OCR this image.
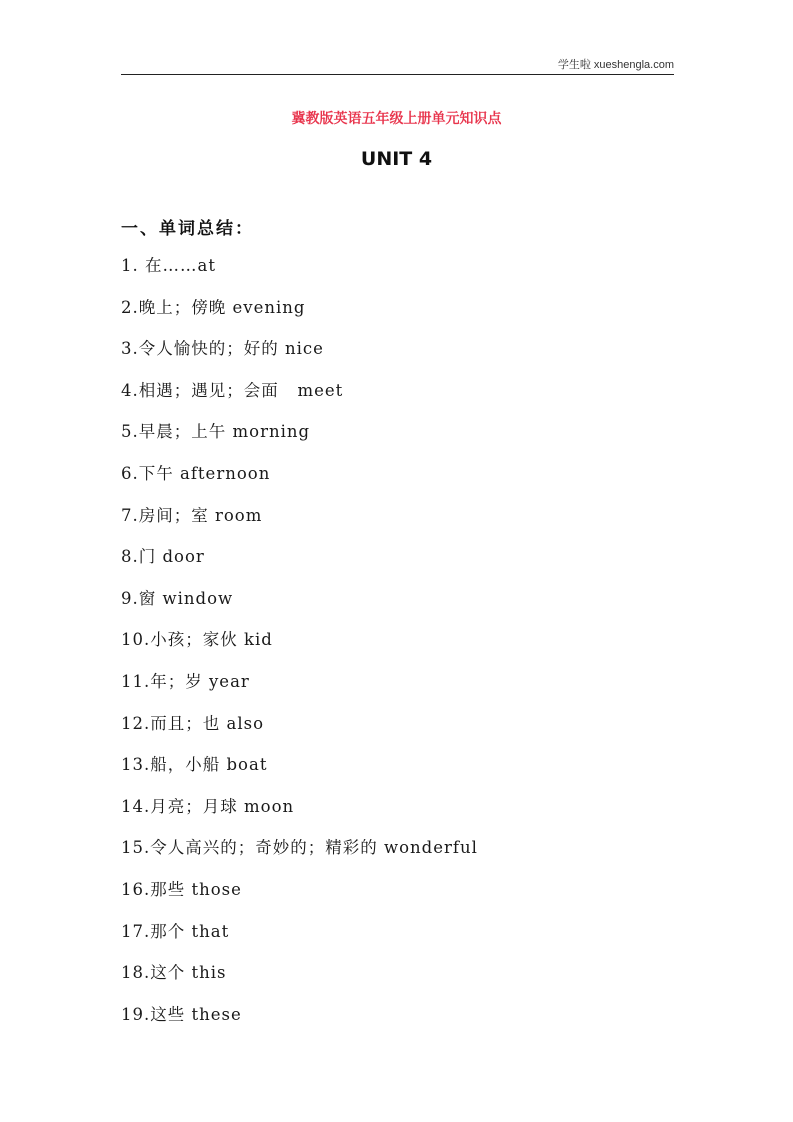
学生啦 xueshengla.com
冀教版英语五年级上册单元知识点
UNIT 4
一、单词总结：
1. 在……at
2.晚上；傍晚 evening
3.令人愉快的；好的 nice
4.相遇；遇见；会面   meet
5.早晨；上午 morning
6.下午 afternoon
7.房间；室 room
8.门 door
9.窗 window
10.小孩；家伙 kid
11.年；岁 year
12.而且；也 also
13.船，小船 boat
14.月亮；月球 moon
15.令人高兴的；奇妙的；精彩的 wonderful
16.那些 those
17.那个 that
18.这个 this
19.这些 these
